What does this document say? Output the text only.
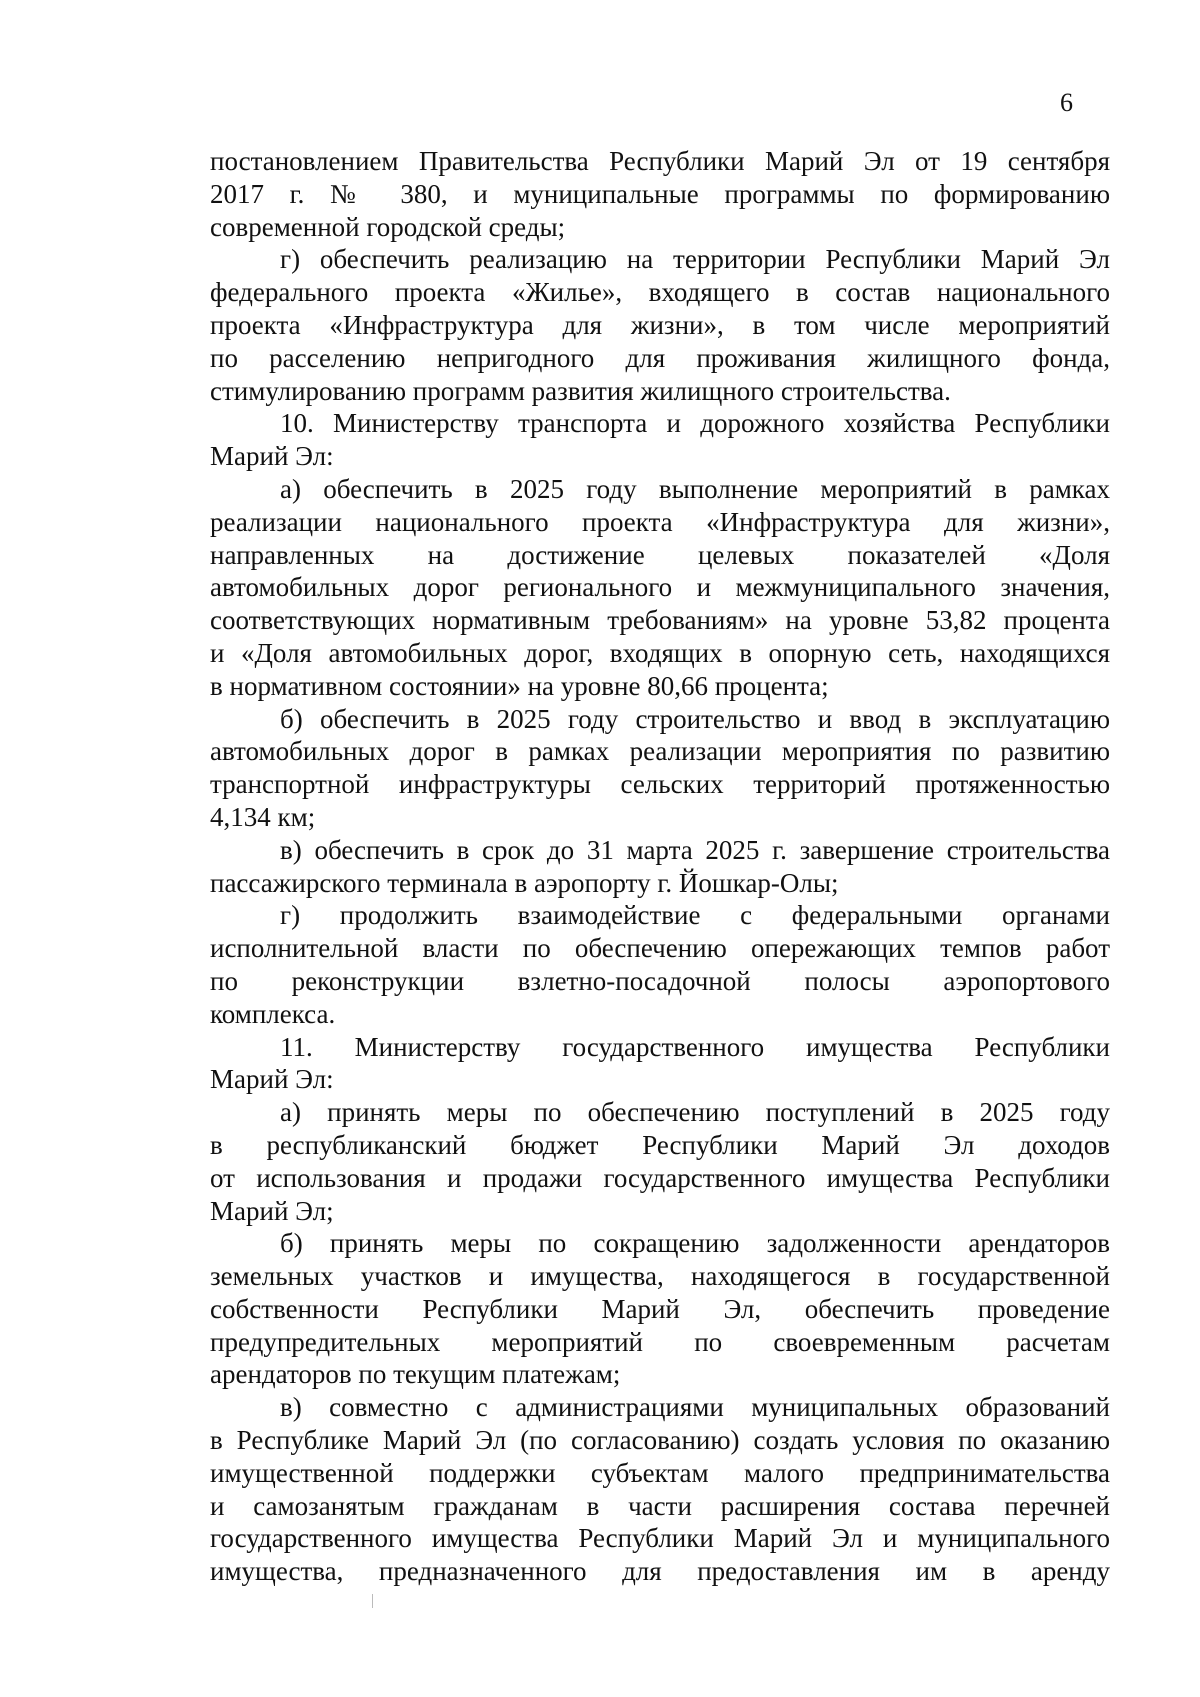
6
постановлением Правительства Республики Марий Эл от 19 сентября
2017 г. № 380, и муниципальные программы по формированию
современной городской среды;
г) обеспечить реализацию на территории Республики Марий Эл
федерального проекта «Жилье», входящего в состав национального
проекта «Инфраструктура для жизни», в том числе мероприятий
по расселению непригодного для проживания жилищного фонда,
стимулированию программ развития жилищного строительства.
10. Министерству транспорта и дорожного хозяйства Республики
Марий Эл:
а) обеспечить в 2025 году выполнение мероприятий в рамках
реализации национального проекта «Инфраструктура для жизни»,
направленных на достижение целевых показателей «Доля
автомобильных дорог регионального и межмуниципального значения,
соответствующих нормативным требованиям» на уровне 53,82 процента
и «Доля автомобильных дорог, входящих в опорную сеть, находящихся
в нормативном состоянии» на уровне 80,66 процента;
б) обеспечить в 2025 году строительство и ввод в эксплуатацию
автомобильных дорог в рамках реализации мероприятия по развитию
транспортной инфраструктуры сельских территорий протяженностью
4,134 км;
в) обеспечить в срок до 31 марта 2025 г. завершение строительства
пассажирского терминала в аэропорту г. Йошкар-Олы;
г) продолжить взаимодействие с федеральными органами
исполнительной власти по обеспечению опережающих темпов работ
по реконструкции взлетно-посадочной полосы аэропортового
комплекса.
11. Министерству государственного имущества Республики
Марий Эл:
а) принять меры по обеспечению поступлений в 2025 году
в республиканский бюджет Республики Марий Эл доходов
от использования и продажи государственного имущества Республики
Марий Эл;
б) принять меры по сокращению задолженности арендаторов
земельных участков и имущества, находящегося в государственной
собственности Республики Марий Эл, обеспечить проведение
предупредительных мероприятий по своевременным расчетам
арендаторов по текущим платежам;
в) совместно с администрациями муниципальных образований
в Республике Марий Эл (по согласованию) создать условия по оказанию
имущественной поддержки субъектам малого предпринимательства
и самозанятым гражданам в части расширения состава перечней
государственного имущества Республики Марий Эл и муниципального
имущества, предназначенного для предоставления им в аренду
